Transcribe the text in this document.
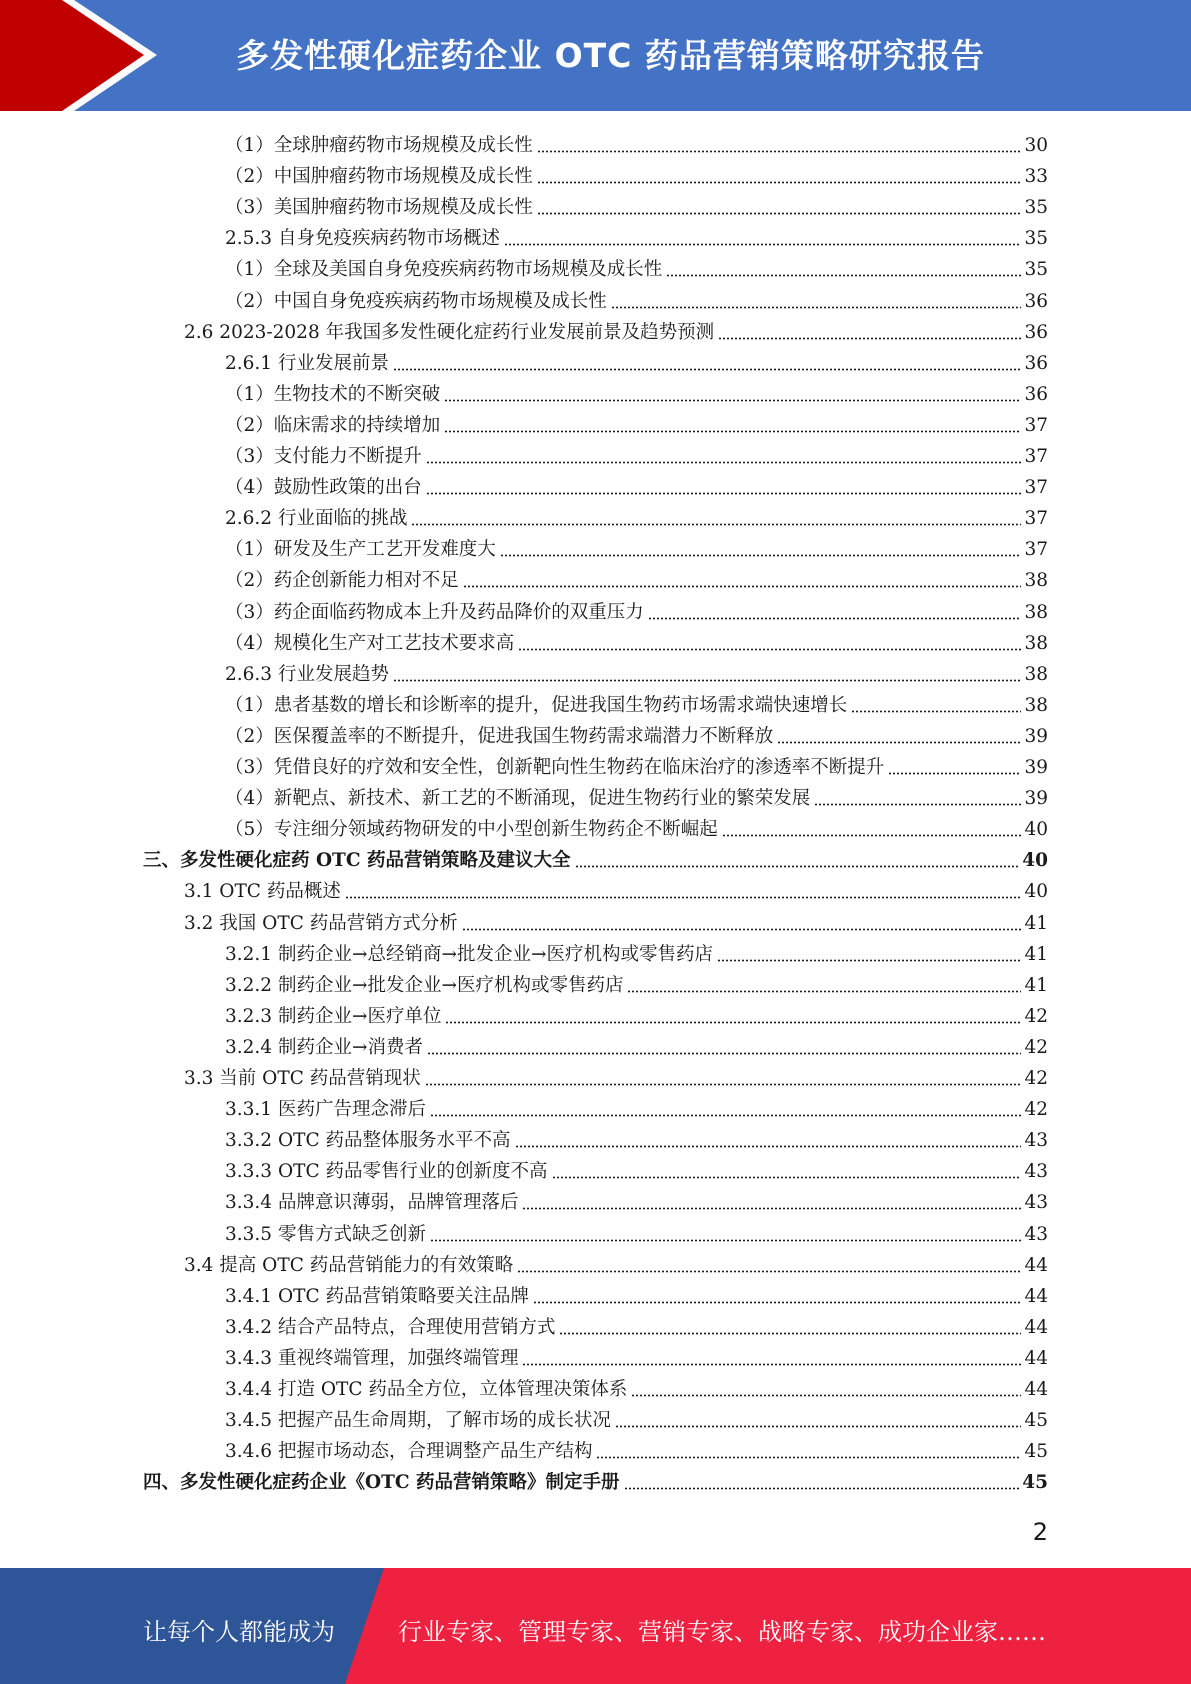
多发性硬化症药企业 OTC 药品营销策略研究报告
（1）全球肿瘤药物市场规模及成长性	30
（2）中国肿瘤药物市场规模及成长性	33
（3）美国肿瘤药物市场规模及成长性	35
2.5.3 自身免疫疾病药物市场概述	35
（1）全球及美国自身免疫疾病药物市场规模及成长性	35
（2）中国自身免疫疾病药物市场规模及成长性	36
2.6 2023-2028 年我国多发性硬化症药行业发展前景及趋势预测	36
2.6.1 行业发展前景	36
（1）生物技术的不断突破	36
（2）临床需求的持续增加	37
（3）支付能力不断提升	37
（4）鼓励性政策的出台	37
2.6.2 行业面临的挑战	37
（1）研发及生产工艺开发难度大	37
（2）药企创新能力相对不足	38
（3）药企面临药物成本上升及药品降价的双重压力	38
（4）规模化生产对工艺技术要求高	38
2.6.3 行业发展趋势	38
（1）患者基数的增长和诊断率的提升，促进我国生物药市场需求端快速增长	38
（2）医保覆盖率的不断提升，促进我国生物药需求端潜力不断释放	39
（3）凭借良好的疗效和安全性，创新靶向性生物药在临床治疗的渗透率不断提升	39
（4）新靶点、新技术、新工艺的不断涌现，促进生物药行业的繁荣发展	39
（5）专注细分领域药物研发的中小型创新生物药企不断崛起	40
三、多发性硬化症药 OTC 药品营销策略及建议大全	40
3.1 OTC 药品概述	40
3.2 我国 OTC 药品营销方式分析	41
3.2.1 制药企业→总经销商→批发企业→医疗机构或零售药店	41
3.2.2 制药企业→批发企业→医疗机构或零售药店	41
3.2.3 制药企业→医疗单位	42
3.2.4 制药企业→消费者	42
3.3 当前 OTC 药品营销现状	42
3.3.1 医药广告理念滞后	42
3.3.2 OTC 药品整体服务水平不高	43
3.3.3 OTC 药品零售行业的创新度不高	43
3.3.4 品牌意识薄弱，品牌管理落后	43
3.3.5 零售方式缺乏创新	43
3.4 提高 OTC 药品营销能力的有效策略	44
3.4.1 OTC 药品营销策略要关注品牌	44
3.4.2 结合产品特点，合理使用营销方式	44
3.4.3 重视终端管理，加强终端管理	44
3.4.4 打造 OTC 药品全方位，立体管理决策体系	44
3.4.5 把握产品生命周期，了解市场的成长状况	45
3.4.6 把握市场动态，合理调整产品生产结构	45
四、多发性硬化症药企业《OTC 药品营销策略》制定手册	45
2
让每个人都能成为	行业专家、管理专家、营销专家、战略专家、成功企业家……
